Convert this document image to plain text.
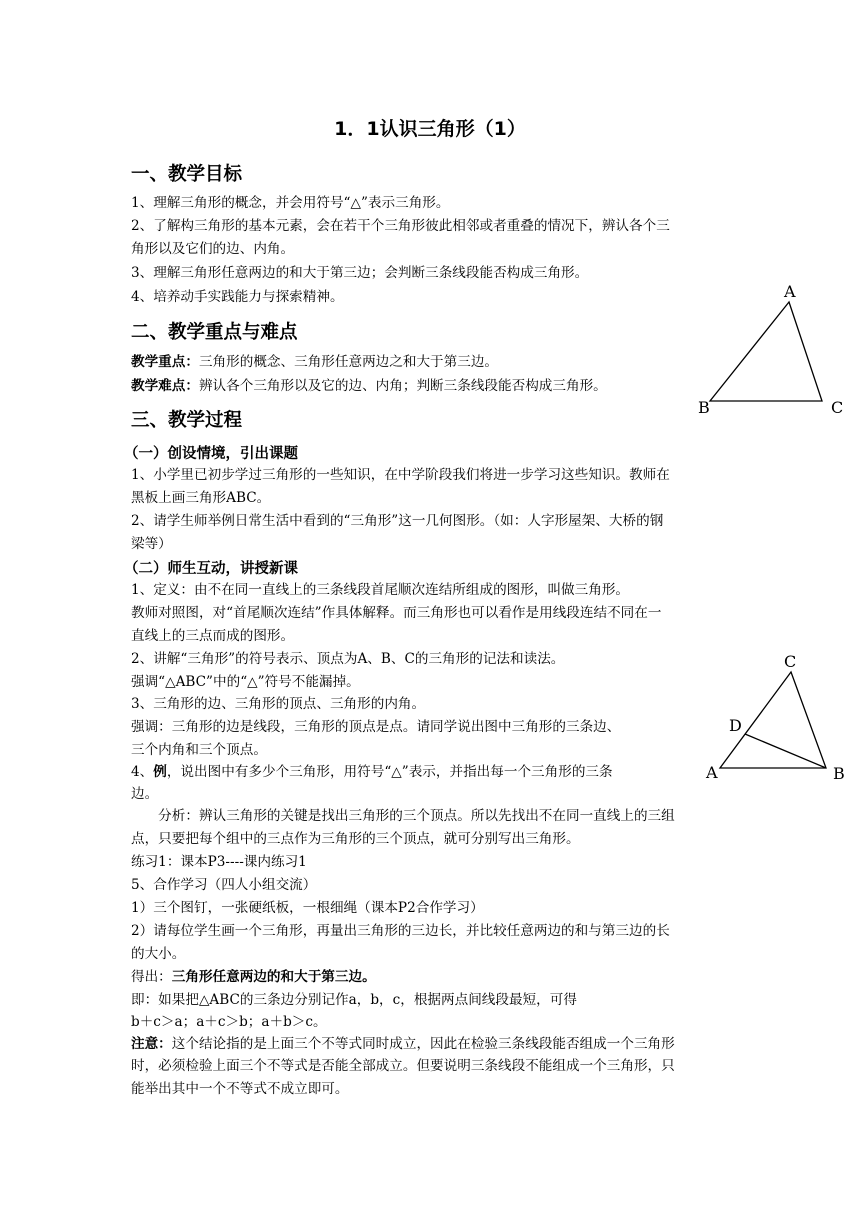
1．1认识三角形（1）
一、教学目标
1、理解三角形的概念，并会用符号“△”表示三角形。
2、了解构三角形的基本元素，会在若干个三角形彼此相邻或者重叠的情况下，辨认各个三
角形以及它们的边、内角。
3、理解三角形任意两边的和大于第三边；会判断三条线段能否构成三角形。
4、培养动手实践能力与探索精神。
二、教学重点与难点
教学重点：三角形的概念、三角形任意两边之和大于第三边。
教学难点：辨认各个三角形以及它的边、内角；判断三条线段能否构成三角形。
三、教学过程
（一）创设情境，引出课题
1、小学里已初步学过三角形的一些知识，在中学阶段我们将进一步学习这些知识。教师在
黑板上画三角形ABC。
2、请学生师举例日常生活中看到的“三角形”这一几何图形。（如：人字形屋架、大桥的钢
梁等）
（二）师生互动，讲授新课
1、定义：由不在同一直线上的三条线段首尾顺次连结所组成的图形，叫做三角形。
教师对照图，对“首尾顺次连结”作具体解释。而三角形也可以看作是用线段连结不同在一
直线上的三点而成的图形。
2、讲解“三角形”的符号表示、顶点为A、B、C的三角形的记法和读法。
强调“△ABC”中的“△”符号不能漏掉。
3、三角形的边、三角形的顶点、三角形的内角。
强调：三角形的边是线段，三角形的顶点是点。请同学说出图中三角形的三条边、
三个内角和三个顶点。
4、例，说出图中有多少个三角形，用符号“△”表示，并指出每一个三角形的三条
边。
　　分析：辨认三角形的关键是找出三角形的三个顶点。所以先找出不在同一直线上的三组
点，只要把每个组中的三点作为三角形的三个顶点，就可分别写出三角形。
练习1：课本P3----课内练习1
5、合作学习（四人小组交流）
1）三个图钉，一张硬纸板，一根细绳（课本P2合作学习）
2）请每位学生画一个三角形，再量出三角形的三边长，并比较任意两边的和与第三边的长
的大小。
得出：三角形任意两边的和大于第三边。
即：如果把△ABC的三条边分别记作a，b，c，根据两点间线段最短，可得
b＋c＞a；a＋c＞b；a＋b＞c。
注意：这个结论指的是上面三个不等式同时成立，因此在检验三条线段能否组成一个三角形
时，必须检验上面三个不等式是否能全部成立。但要说明三条线段不能组成一个三角形，只
能举出其中一个不等式不成立即可。
A
B	C
C
D
A	B
